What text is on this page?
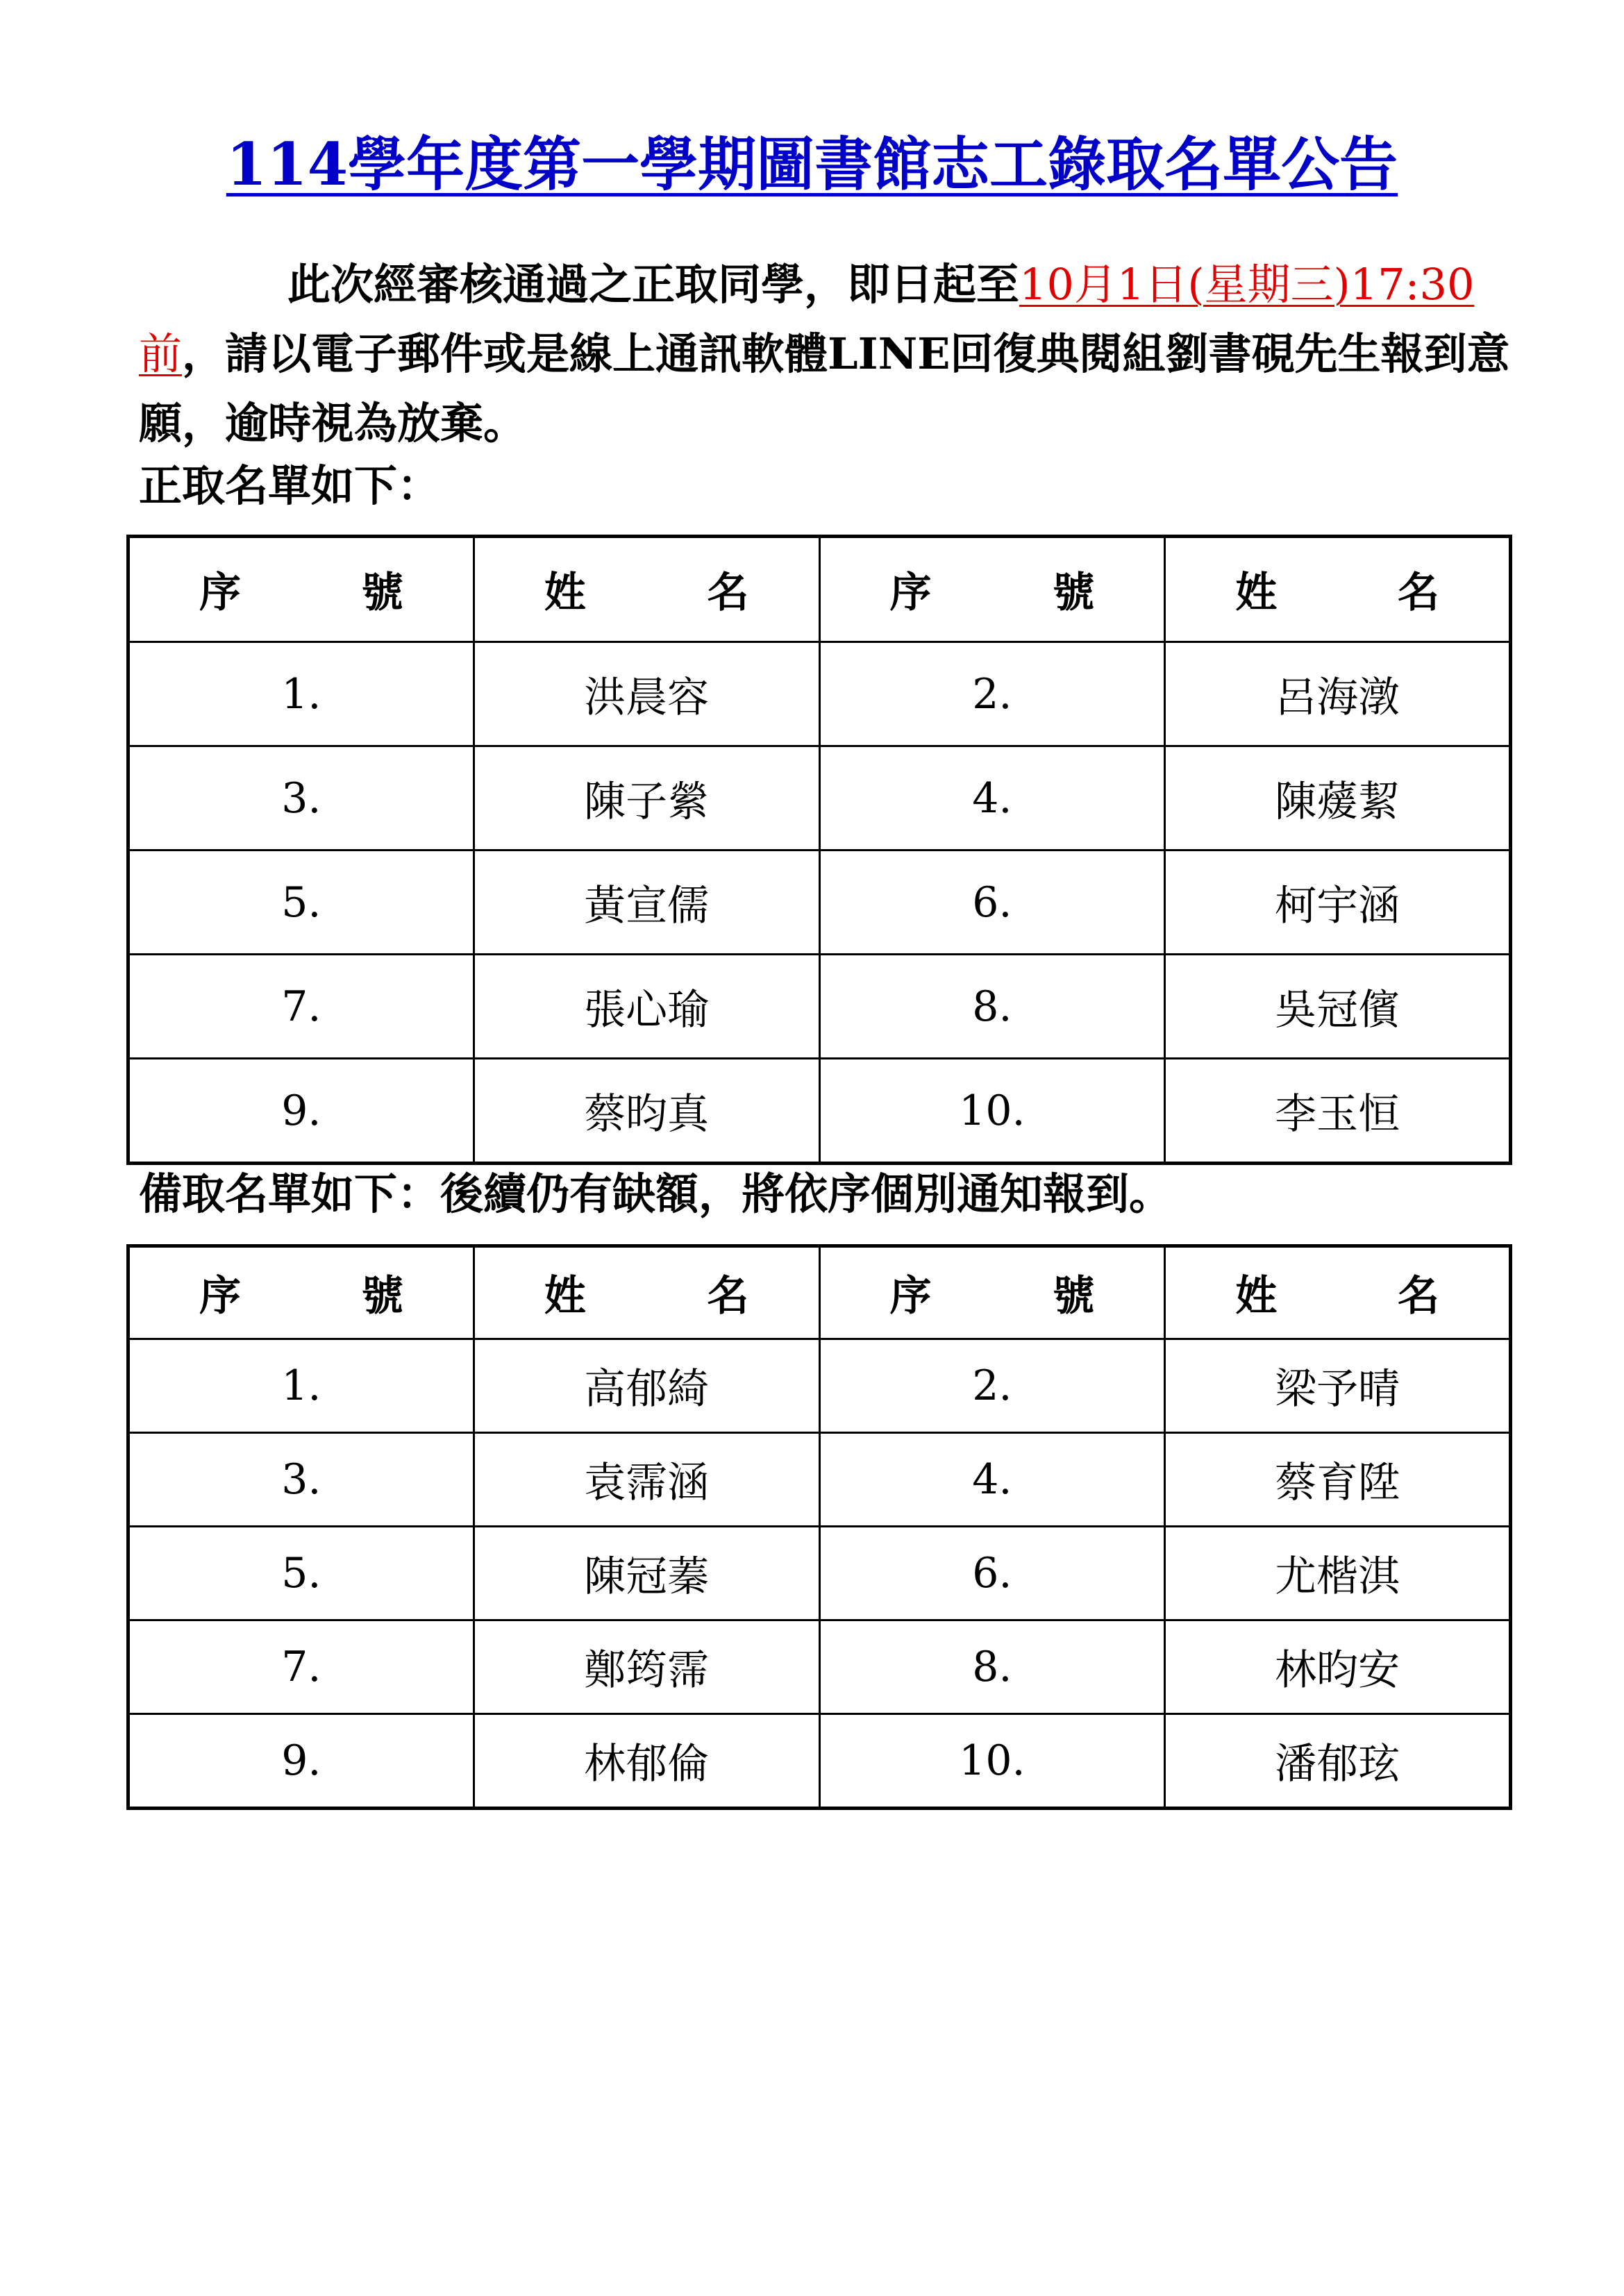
114學年度第一學期圖書館志工錄取名單公告
此次經審核通過之正取同學，即日起至10月1日(星期三)17:30前，請以電子郵件或是線上通訊軟體LINE回復典閱組劉書硯先生報到意願，逾時視為放棄。
正取名單如下：
序 號	姓 名	序 號	姓 名

1.	洪晨容	2.	呂海潡
3.	陳子縈	4.	陳蕿絜
5.	黃宣儒	6.	柯宇涵
7.	張心瑜	8.	吳冠儐
9.	蔡昀真	10.	李玉恒
備取名單如下：後續仍有缺額，將依序個別通知報到。
序 號	姓 名	序 號	姓 名

1.	高郁綺	2.	梁予晴
3.	袁霈涵	4.	蔡育陞
5.	陳冠蓁	6.	尤楷淇
7.	鄭筠霈	8.	林昀安
9.	林郁倫	10.	潘郁玹
